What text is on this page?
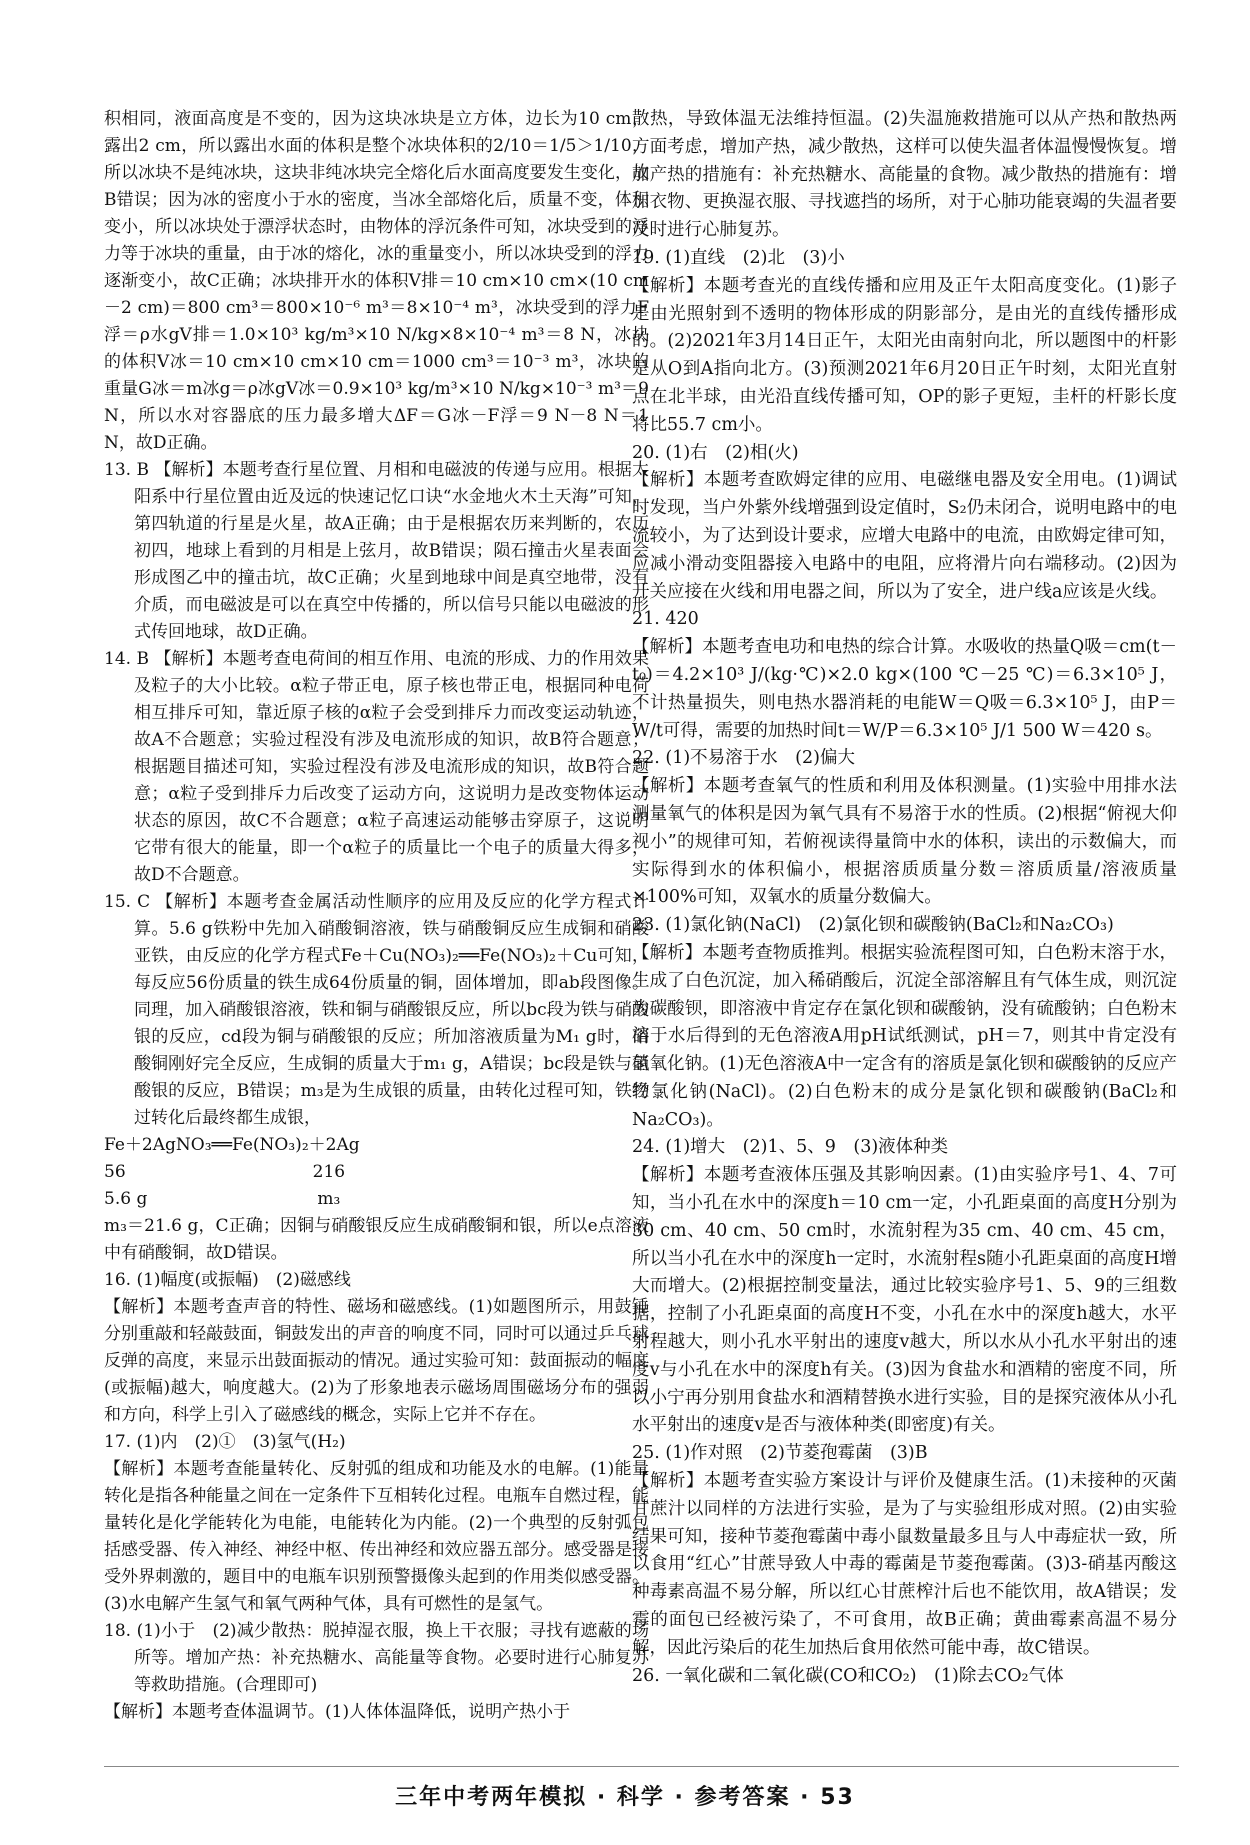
积相同，液面高度是不变的，因为这块冰块是立方体，边长为10 cm，露出2 cm，所以露出水面的体积是整个冰块体积的2/10＝1/5＞1/10，所以冰块不是纯冰块，这块非纯冰块完全熔化后水面高度要发生变化，故B错误；因为冰的密度小于水的密度，当冰全部熔化后，质量不变，体积变小，所以冰块处于漂浮状态时，由物体的浮沉条件可知，冰块受到的浮力等于冰块的重量，由于冰的熔化，冰的重量变小，所以冰块受到的浮力逐渐变小，故C正确；冰块排开水的体积V排＝10 cm×10 cm×(10 cm－2 cm)＝800 cm³＝800×10⁻⁶ m³＝8×10⁻⁴ m³，冰块受到的浮力F浮＝ρ水gV排＝1.0×10³ kg/m³×10 N/kg×8×10⁻⁴ m³＝8 N，冰块的体积V冰＝10 cm×10 cm×10 cm＝1000 cm³＝10⁻³ m³，冰块的重量G冰＝m冰g＝ρ冰gV冰＝0.9×10³ kg/m³×10 N/kg×10⁻³ m³＝9 N，所以水对容器底的压力最多增大ΔF＝G冰－F浮＝9 N－8 N＝1 N，故D正确。

13. B 【解析】本题考查行星位置、月相和电磁波的传递与应用。根据太阳系中行星位置由近及远的快速记忆口诀“水金地火木土天海”可知，第四轨道的行星是火星，故A正确；由于是根据农历来判断的，农历初四，地球上看到的月相是上弦月，故B错误；陨石撞击火星表面会形成图乙中的撞击坑，故C正确；火星到地球中间是真空地带，没有介质，而电磁波是可以在真空中传播的，所以信号只能以电磁波的形式传回地球，故D正确。

14. B 【解析】本题考查电荷间的相互作用、电流的形成、力的作用效果及粒子的大小比较。α粒子带正电，原子核也带正电，根据同种电荷相互排斥可知，靠近原子核的α粒子会受到排斥力而改变运动轨迹，故A不合题意；实验过程没有涉及电流形成的知识，故B符合题意；根据题目描述可知，实验过程没有涉及电流形成的知识，故B符合题意；α粒子受到排斥力后改变了运动方向，这说明力是改变物体运动状态的原因，故C不合题意；α粒子高速运动能够击穿原子，这说明它带有很大的能量，即一个α粒子的质量比一个电子的质量大得多，故D不合题意。

15. C 【解析】本题考查金属活动性顺序的应用及反应的化学方程式计算。5.6 g铁粉中先加入硝酸铜溶液，铁与硝酸铜反应生成铜和硝酸亚铁，由反应的化学方程式Fe＋Cu(NO₃)₂══Fe(NO₃)₂＋Cu可知，每反应56份质量的铁生成64份质量的铜，固体增加，即ab段图像。同理，加入硝酸银溶液，铁和铜与硝酸银反应，所以bc段为铁与硝酸银的反应，cd段为铜与硝酸银的反应；所加溶液质量为M₁ g时，硝酸铜刚好完全反应，生成铜的质量大于m₁ g，A错误；bc段是铁与硝酸银的反应，B错误；m₃是为生成银的质量，由转化过程可知，铁经过转化后最终都生成银，

Fe＋2AgNO₃══Fe(NO₃)₂＋2Ag

56　　　　　　　　　　　216

5.6 g　　　　　　　　　　m₃

m₃＝21.6 g，C正确；因铜与硝酸银反应生成硝酸铜和银，所以e点溶液中有硝酸铜，故D错误。

16. (1)幅度(或振幅)　(2)磁感线

【解析】本题考查声音的特性、磁场和磁感线。(1)如题图所示，用鼓锤分别重敲和轻敲鼓面，铜鼓发出的声音的响度不同，同时可以通过乒乓球反弹的高度，来显示出鼓面振动的情况。通过实验可知：鼓面振动的幅度(或振幅)越大，响度越大。(2)为了形象地表示磁场周围磁场分布的强弱和方向，科学上引入了磁感线的概念，实际上它并不存在。

17. (1)内　(2)①　(3)氢气(H₂)

【解析】本题考查能量转化、反射弧的组成和功能及水的电解。(1)能量转化是指各种能量之间在一定条件下互相转化过程。电瓶车自燃过程，能量转化是化学能转化为电能，电能转化为内能。(2)一个典型的反射弧包括感受器、传入神经、神经中枢、传出神经和效应器五部分。感受器是接受外界刺激的，题目中的电瓶车识别预警摄像头起到的作用类似感受器。(3)水电解产生氢气和氧气两种气体，具有可燃性的是氢气。

18. (1)小于　(2)减少散热：脱掉湿衣服，换上干衣服；寻找有遮蔽的场所等。增加产热：补充热糖水、高能量等食物。必要时进行心肺复苏等救助措施。(合理即可)

【解析】本题考查体温调节。(1)人体体温降低，说明产热小于

散热，导致体温无法维持恒温。(2)失温施救措施可以从产热和散热两方面考虑，增加产热，减少散热，这样可以使失温者体温慢慢恢复。增加产热的措施有：补充热糖水、高能量的食物。减少散热的措施有：增加衣物、更换湿衣服、寻找遮挡的场所，对于心肺功能衰竭的失温者要及时进行心肺复苏。

19. (1)直线　(2)北　(3)小

【解析】本题考查光的直线传播和应用及正午太阳高度变化。(1)影子是由光照射到不透明的物体形成的阴影部分，是由光的直线传播形成的。(2)2021年3月14日正午，太阳光由南射向北，所以题图中的杆影是从O到A指向北方。(3)预测2021年6月20日正午时刻，太阳光直射点在北半球，由光沿直线传播可知，OP的影子更短，圭杆的杆影长度将比55.7 cm小。

20. (1)右　(2)相(火)

【解析】本题考查欧姆定律的应用、电磁继电器及安全用电。(1)调试时发现，当户外紫外线增强到设定值时，S₂仍未闭合，说明电路中的电流较小，为了达到设计要求，应增大电路中的电流，由欧姆定律可知，应减小滑动变阻器接入电路中的电阻，应将滑片向右端移动。(2)因为开关应接在火线和用电器之间，所以为了安全，进户线a应该是火线。

21. 420

【解析】本题考查电功和电热的综合计算。水吸收的热量Q吸＝cm(t－t₀)＝4.2×10³ J/(kg·℃)×2.0 kg×(100 ℃－25 ℃)＝6.3×10⁵ J，不计热量损失，则电热水器消耗的电能W＝Q吸＝6.3×10⁵ J，由P＝W/t可得，需要的加热时间t＝W/P＝6.3×10⁵ J/1 500 W＝420 s。

22. (1)不易溶于水　(2)偏大

【解析】本题考查氧气的性质和利用及体积测量。(1)实验中用排水法测量氧气的体积是因为氧气具有不易溶于水的性质。(2)根据“俯视大仰视小”的规律可知，若俯视读得量筒中水的体积，读出的示数偏大，而实际得到水的体积偏小，根据溶质质量分数＝溶质质量/溶液质量×100%可知，双氧水的质量分数偏大。

23. (1)氯化钠(NaCl)　(2)氯化钡和碳酸钠(BaCl₂和Na₂CO₃)

【解析】本题考查物质推判。根据实验流程图可知，白色粉末溶于水，生成了白色沉淀，加入稀硝酸后，沉淀全部溶解且有气体生成，则沉淀为碳酸钡，即溶液中肯定存在氯化钡和碳酸钠，没有硫酸钠；白色粉末溶于水后得到的无色溶液A用pH试纸测试，pH＝7，则其中肯定没有氢氧化钠。(1)无色溶液A中一定含有的溶质是氯化钡和碳酸钠的反应产物氯化钠(NaCl)。(2)白色粉末的成分是氯化钡和碳酸钠(BaCl₂和Na₂CO₃)。

24. (1)增大　(2)1、5、9　(3)液体种类

【解析】本题考查液体压强及其影响因素。(1)由实验序号1、4、7可知，当小孔在水中的深度h＝10 cm一定，小孔距桌面的高度H分别为30 cm、40 cm、50 cm时，水流射程为35 cm、40 cm、45 cm，所以当小孔在水中的深度h一定时，水流射程s随小孔距桌面的高度H增大而增大。(2)根据控制变量法，通过比较实验序号1、5、9的三组数据，控制了小孔距桌面的高度H不变，小孔在水中的深度h越大，水平射程越大，则小孔水平射出的速度v越大，所以水从小孔水平射出的速度v与小孔在水中的深度h有关。(3)因为食盐水和酒精的密度不同，所以小宁再分别用食盐水和酒精替换水进行实验，目的是探究液体从小孔水平射出的速度v是否与液体种类(即密度)有关。

25. (1)作对照　(2)节菱孢霉菌　(3)B

【解析】本题考查实验方案设计与评价及健康生活。(1)未接种的灭菌甘蔗汁以同样的方法进行实验，是为了与实验组形成对照。(2)由实验结果可知，接种节菱孢霉菌中毒小鼠数量最多且与人中毒症状一致，所以食用“红心”甘蔗导致人中毒的霉菌是节菱孢霉菌。(3)3-硝基丙酸这种毒素高温不易分解，所以红心甘蔗榨汁后也不能饮用，故A错误；发霉的面包已经被污染了，不可食用，故B正确；黄曲霉素高温不易分解，因此污染后的花生加热后食用依然可能中毒，故C错误。

26. 一氧化碳和二氧化碳(CO和CO₂)　(1)除去CO₂气体

三年中考两年模拟 · 科学 · 参考答案 · 53
